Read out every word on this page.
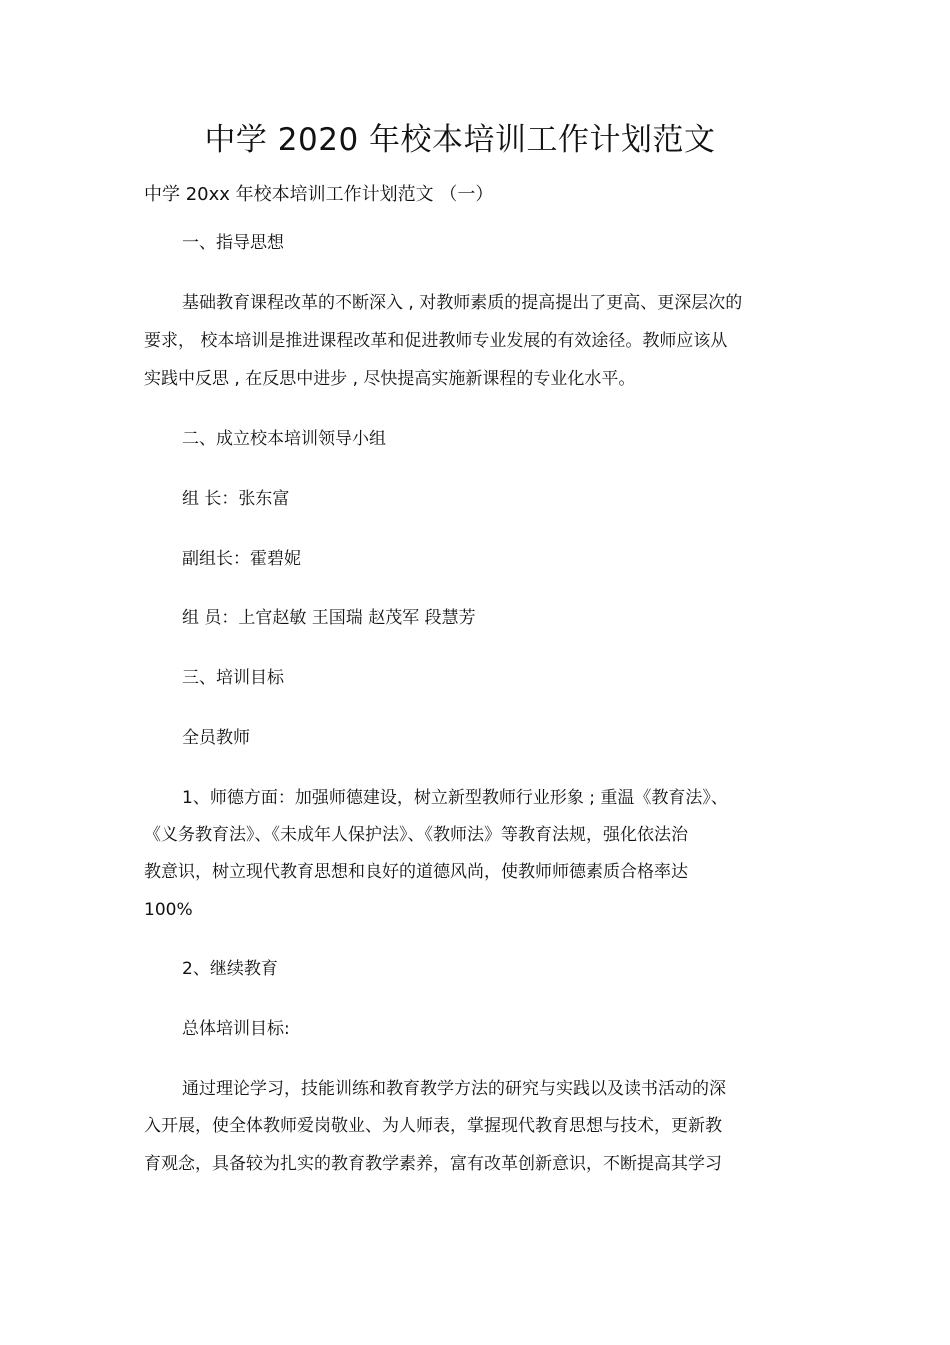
中学 2020 年校本培训工作计划范文
中学 20xx 年校本培训工作计划范文 （一）
一、指导思想
基础教育课程改革的不断深入 , 对教师素质的提高提出了更高、更深层次的
要求， 校本培训是推进课程改革和促进教师专业发展的有效途径。教师应该从
实践中反思 , 在反思中进步 , 尽快提高实施新课程的专业化水平。
二、成立校本培训领导小组
组 长：张东富
副组长：霍碧妮
组 员：上官赵敏 王国瑞 赵茂军 段慧芳
三、培训目标
全员教师
1、师德方面：加强师德建设，树立新型教师行业形象 ; 重温《教育法》、
《义务教育法》、《未成年人保护法》、《教师法》等教育法规，强化依法治
教意识，树立现代教育思想和良好的道德风尚，使教师师德素质合格率达
100%
2、继续教育
总体培训目标:
通过理论学习，技能训练和教育教学方法的研究与实践以及读书活动的深
入开展，使全体教师爱岗敬业、为人师表，掌握现代教育思想与技术，更新教
育观念，具备较为扎实的教育教学素养，富有改革创新意识，不断提高其学习
